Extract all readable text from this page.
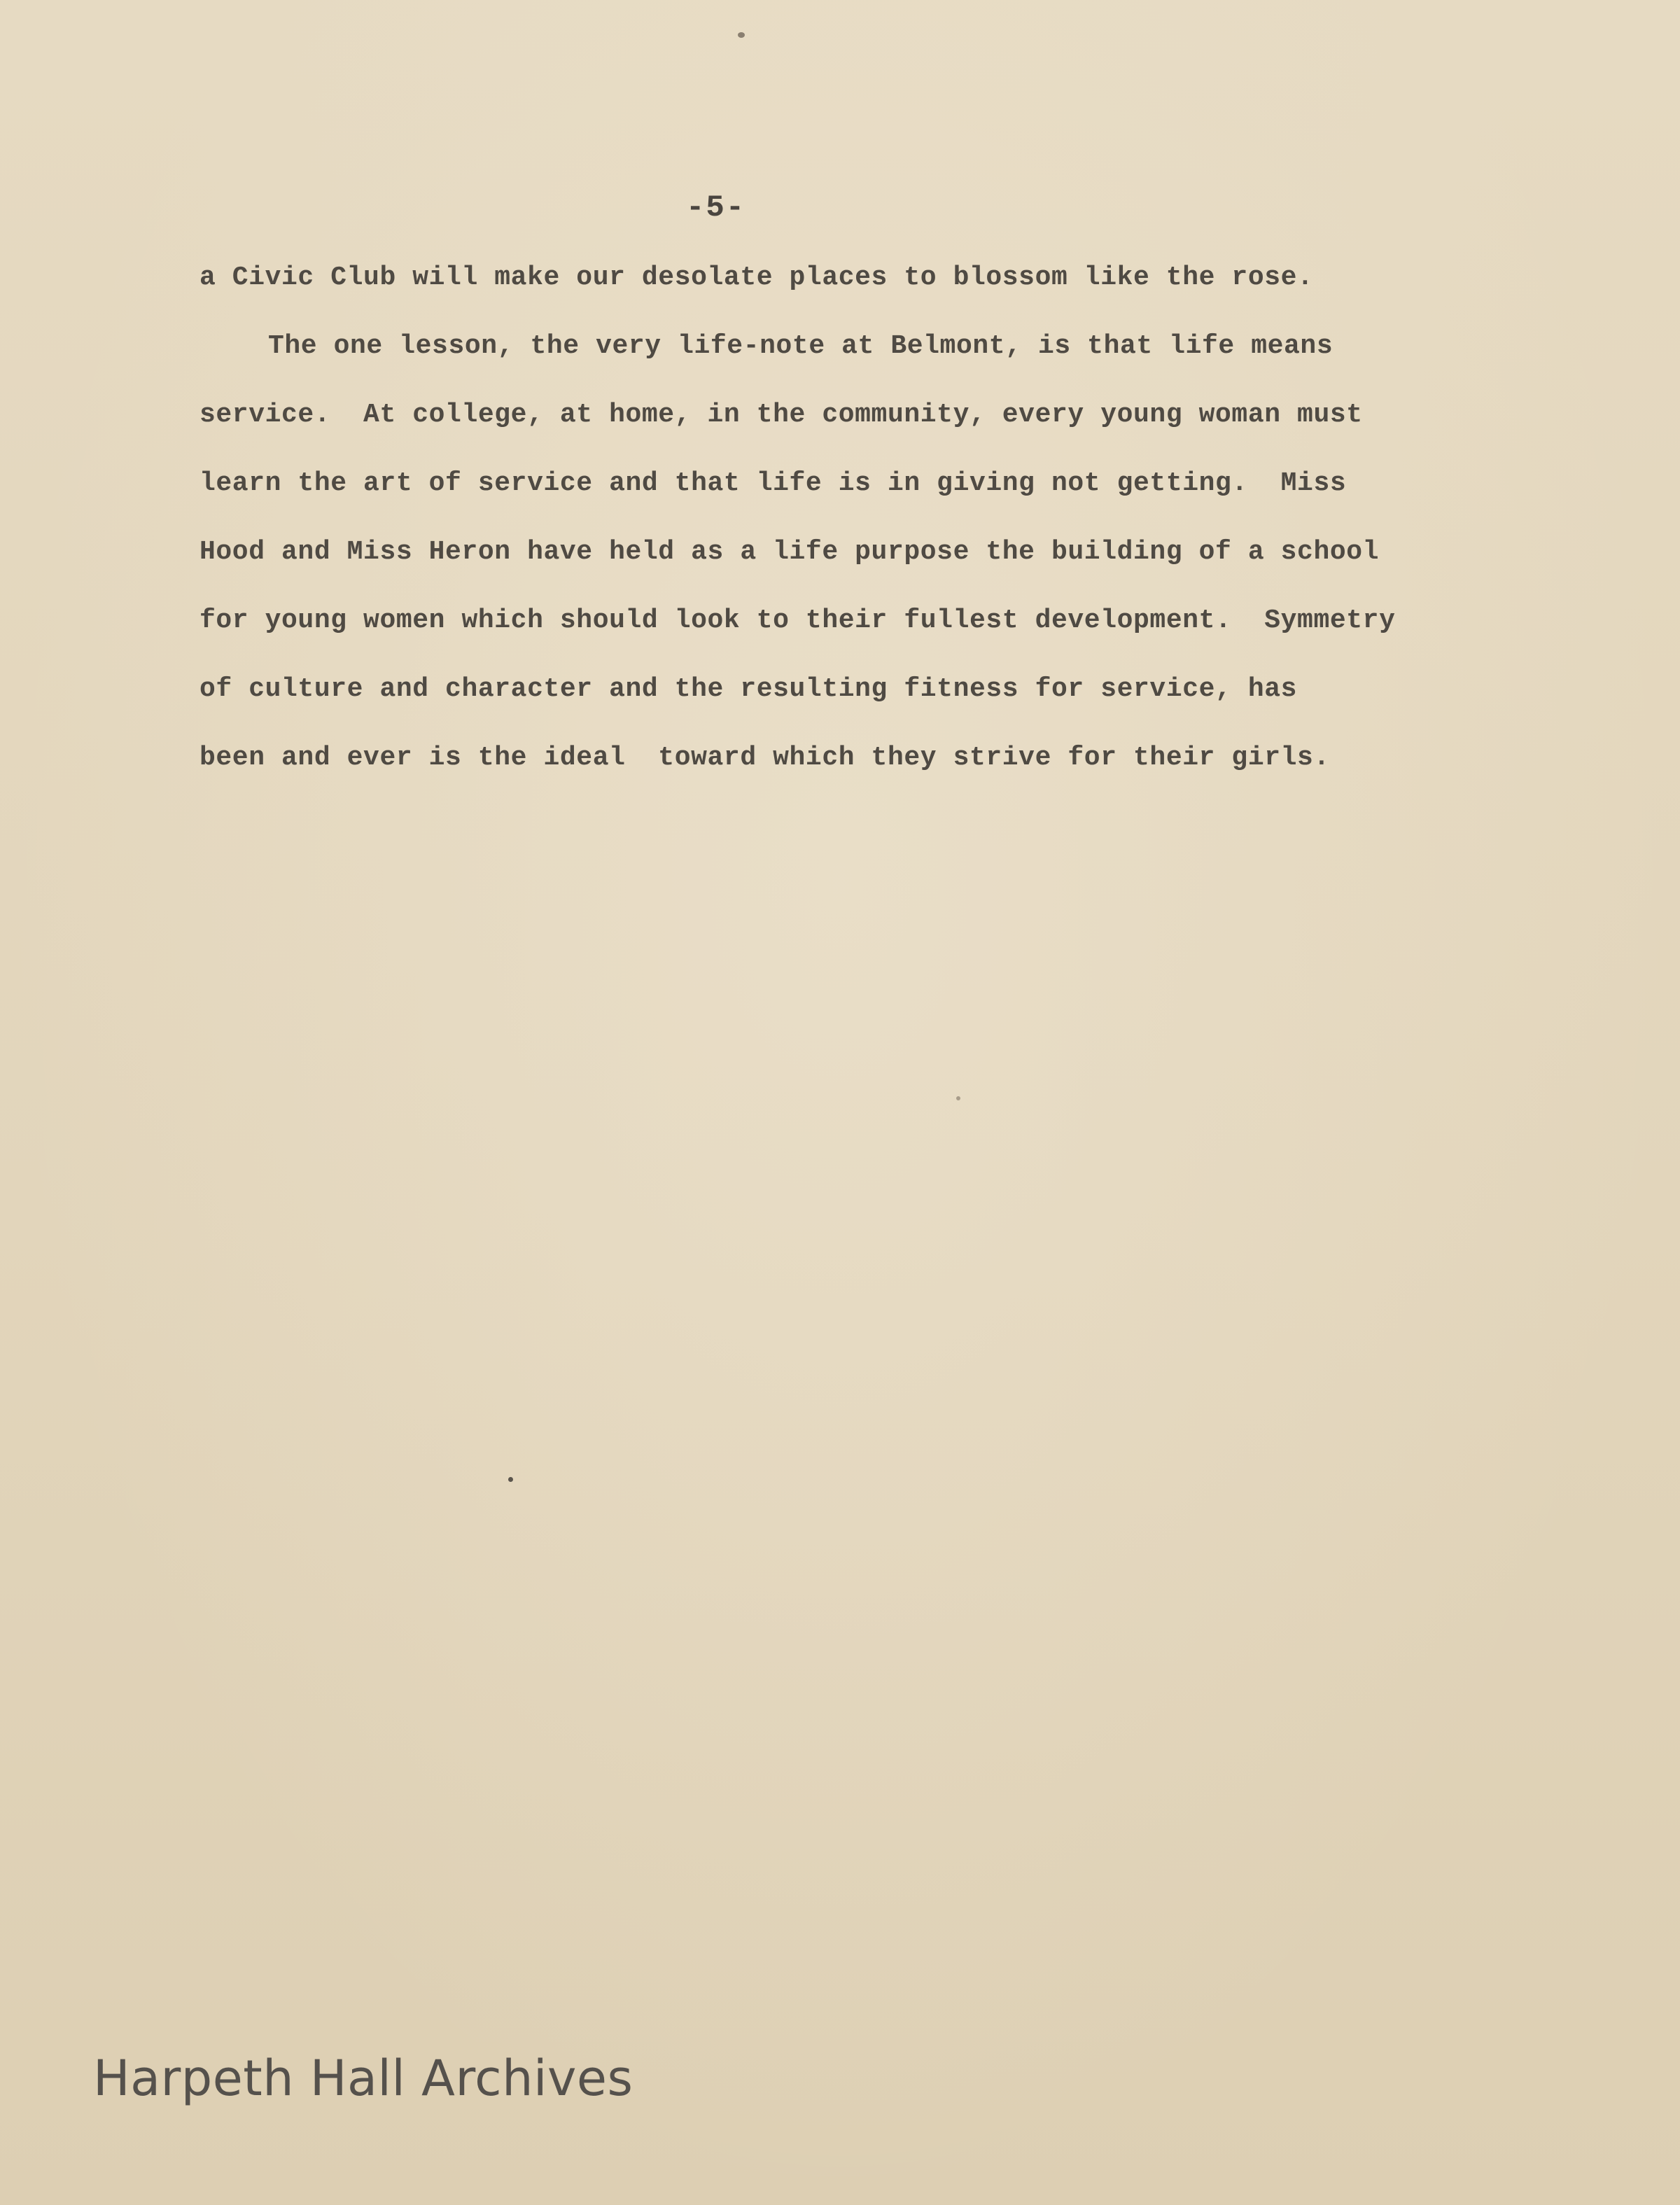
-5-
a Civic Club will make our desolate places to blossom like the rose.
The one lesson, the very life-note at Belmont, is that life means
service.  At college, at home, in the community, every young woman must
learn the art of service and that life is in giving not getting.  Miss
Hood and Miss Heron have held as a life purpose the building of a school
for young women which should look to their fullest development.  Symmetry
of culture and character and the resulting fitness for service, has
been and ever is the ideal  toward which they strive for their girls.
Harpeth Hall Archives
